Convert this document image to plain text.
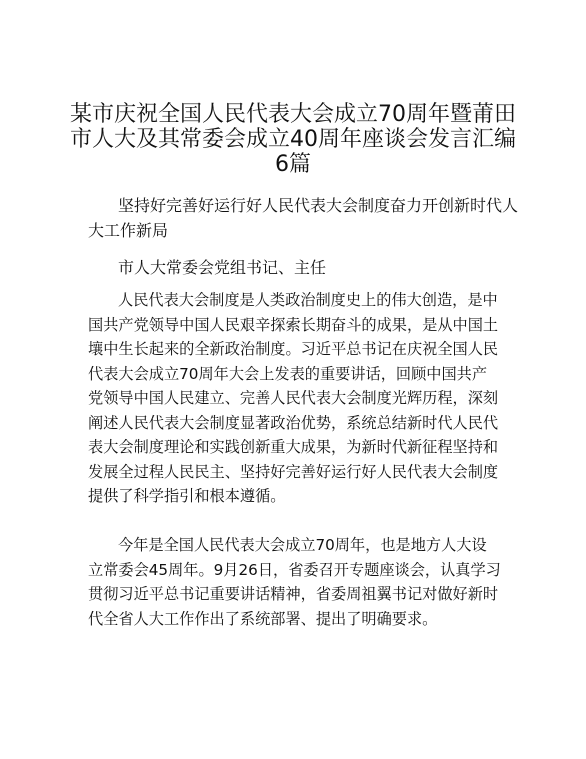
某市庆祝全国人民代表大会成立70周年暨莆田
市人大及其常委会成立40周年座谈会发言汇编
6篇
坚持好完善好运行好人民代表大会制度奋力开创新时代人
大工作新局
市人大常委会党组书记、主任
人民代表大会制度是人类政治制度史上的伟大创造，是中
国共产党领导中国人民艰辛探索长期奋斗的成果，是从中国土
壤中生长起来的全新政治制度。习近平总书记在庆祝全国人民
代表大会成立70周年大会上发表的重要讲话，回顾中国共产
党领导中国人民建立、完善人民代表大会制度光辉历程，深刻
阐述人民代表大会制度显著政治优势，系统总结新时代人民代
表大会制度理论和实践创新重大成果，为新时代新征程坚持和
发展全过程人民民主、坚持好完善好运行好人民代表大会制度
提供了科学指引和根本遵循。
今年是全国人民代表大会成立70周年，也是地方人大设
立常委会45周年。9月26日，省委召开专题座谈会，认真学习
贯彻习近平总书记重要讲话精神，省委周祖翼书记对做好新时
代全省人大工作作出了系统部署、提出了明确要求。
